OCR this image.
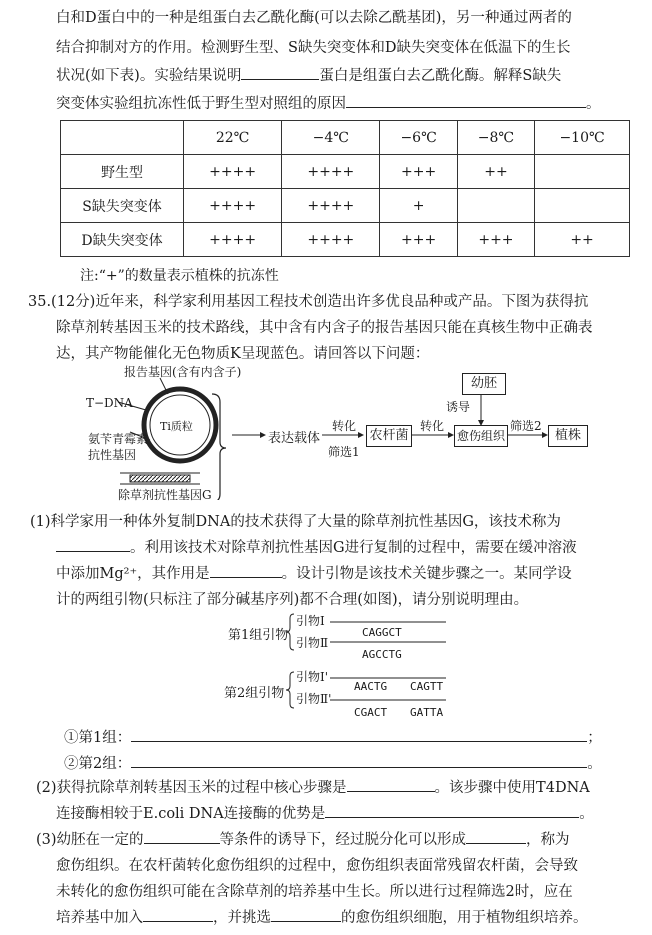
白和D蛋白中的一种是组蛋白去乙酰化酶(可以去除乙酰基团)，另一种通过两者的
结合抑制对方的作用。检测野生型、S缺失突变体和D缺失突变体在低温下的生长
状况(如下表)。实验结果说明	蛋白是组蛋白去乙酰化酶。解释S缺失
突变体实验组抗冻性低于野生型对照组的原因	。
	22℃	−4℃	−6℃	−8℃	−10℃
野生型	++++	++++	+++	++	
S缺失突变体	++++	++++	+		
D缺失突变体	++++	++++	+++	+++	++
注:“+”的数量表示植株的抗冻性
35.(12分)近年来，科学家利用基因工程技术创造出许多优良品种或产品。下图为获得抗
除草剂转基因玉米的技术路线，其中含有内含子的报告基因只能在真核生物中正确表
达，其产物能催化无色物质K呈现蓝色。请回答以下问题：
报告基因(含有内含子)
T−DNA
Ti质粒
氨苄青霉素
抗性基因
除草剂抗性基因G
表达载体
转化
筛选1
农杆菌
转化
幼胚
诱导
愈伤组织
筛选2
植株
(1)科学家用一种体外复制DNA的技术获得了大量的除草剂抗性基因G，该技术称为
。利用该技术对除草剂抗性基因G进行复制的过程中，需要在缓冲溶液
中添加Mg²⁺，其作用是	。设计引物是该技术关键步骤之一。某同学设
计的两组引物(只标注了部分碱基序列)都不合理(如图)，请分别说明理由。
第1组引物
引物Ⅰ
引物Ⅱ
CAGGCT
AGCCTG
第2组引物
引物Ⅰ'
引物Ⅱ'
AACTG CAGTT
CGACT GATTA
①第1组：	；
②第2组：	。
(2)获得抗除草剂转基因玉米的过程中核心步骤是	。该步骤中使用T4DNA
连接酶相较于E.coli DNA连接酶的优势是	。
(3)幼胚在一定的	等条件的诱导下，经过脱分化可以形成	，称为
愈伤组织。在农杆菌转化愈伤组织的过程中，愈伤组织表面常残留农杆菌，会导致
未转化的愈伤组织可能在含除草剂的培养基中生长。所以进行过程筛选2时，应在
培养基中加入	，并挑选	的愈伤组织细胞，用于植物组织培养。
